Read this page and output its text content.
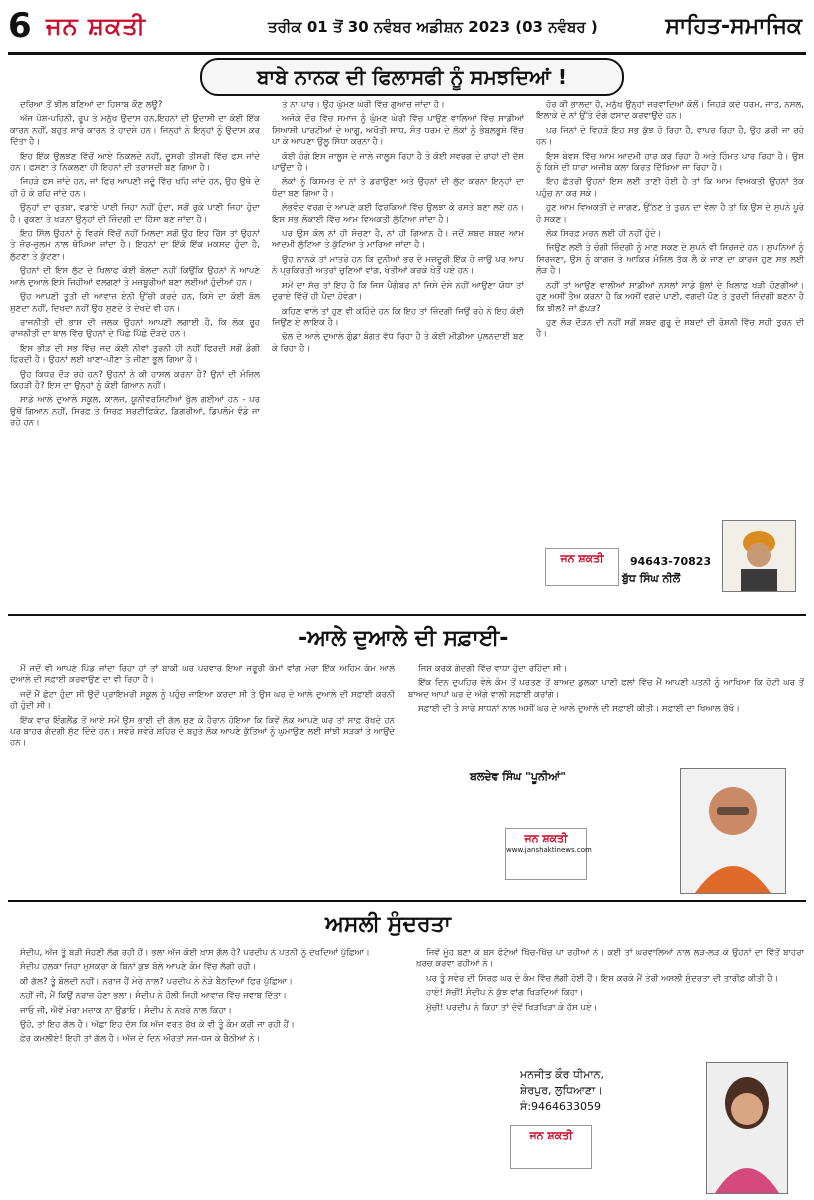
6 ਜਨ ਸ਼ਕਤੀ	ਤਰੀਕ 01 ਤੋਂ 30 ਨਵੰਬਰ ਅਡੀਸ਼ਨ 2023 (03 ਨਵੰਬਰ )	ਸਾਹਿਤ-ਸਮਾਜਿਕ
ਬਾਬੇ ਨਾਨਕ ਦੀ ਫਿਲਾਸਫੀ ਨੂੰ ਸਮਝਦਿਆਂ !

ਦਰਿਆ ਤੋਂ ਝੀਲ ਬਣਿਆਂ ਦਾ ਹਿਸਾਬ ਕੌਣ ਲਊ?

ਅੱਜ ਪੋਸ਼-ਪਹਿਨੀ, ਰੂਪ ਤੇ ਮਨੁੱਖ ਉਦਾਸ ਹਨ,ਇਹਨਾਂ ਦੀ ਉਦਾਸੀ ਦਾ ਕੋਈ ਇੱਕ ਕਾਰਨ ਨਹੀਂ, ਬਹੁਤ ਸਾਰੇ ਕਾਰਨ ਤੇ ਹਾਦਸੇ ਹਨ। ਜਿਨ੍ਹਾਂ ਨੇ ਇਨ੍ਹਾਂ ਨੂੰ ਉਦਾਸ ਕਰ ਦਿੱਤਾ ਹੈ।

ਇਹ ਇੱਕ ਉਲਝਣ ਵਿੱਚੋਂ ਆਏ ਨਿਕਲਦੇ ਨਹੀਂ, ਦੂਸਰੀ ਤੀਸਰੀ ਵਿੱਚ ਫਸ ਜਾਂਦੇ ਹਨ। ਫਸਣਾ ਤੇ ਨਿਕਲਣਾ ਹੀ ਇਹਨਾਂ ਦੀ ਤਰਾਸਦੀ ਬਣ ਗਿਆ ਹੈ।

ਜਿਹੜੇ ਫਸ ਜਾਂਦੇ ਹਨ, ਜਾਂ ਫਿਰ ਆਪਣੀ ਜਦੂੰ ਵਿੱਚ ਖਹਿ ਜਾਂਦੇ ਹਨ, ਉਹ ਉਥੇ ਦੇ ਹੀ ਹੋ ਕੇ ਰਹਿ ਜਾਂਦੇ ਹਨ।

ਉਨ੍ਹਾਂ ਦਾ ਰੁਤਬਾ, ਵਡਾਏ ਪਾਈ ਜਿਹਾ ਨਹੀਂ ਹੁੰਦਾ, ਸਗੋਂ ਰੁਕੇ ਪਾਣੀ ਜਿਹਾ ਹੁੰਦਾ ਹੈ। ਰੁਕਣਾ ਤੇ ਖੜਨਾ ਉਨ੍ਹਾਂ ਦੀ ਜ਼ਿੰਦਗੀ ਦਾ ਹਿੱਸਾ ਬਣ ਜਾਂਦਾ ਹੈ।

ਇਹ ਸਿੱਲ ਉਹਨਾਂ ਨੂੰ ਵਿਰਸੇ ਵਿੱਚੋਂ ਨਹੀਂ ਮਿਲਦਾ ਸਗੋਂ ਉਹ ਇਹ ਰਿੱਸ ਤਾਂ ਉਹਨਾਂ ਤੇ ਜ਼ੋਰ-ਜ਼ੁਲਮ ਨਾਲ ਥੋਪਿਆ ਜਾਂਦਾ ਹੈ। ਇਹਨਾਂ ਦਾ ਇੱਕੋ ਇੱਕ ਮਕਸਦ ਹੁੰਦਾ ਹੈ, ਲੁੱਟਣਾ ਤੇ ਕੁੱਟਣਾ।

ਉਹਨਾਂ ਦੀ ਇਸ ਲੁੱਟ ਦੇ ਖਿਲਾਫ ਕੋਈ ਬੋਲਦਾ ਨਹੀਂ ਕਿਉਂਕਿ ਉਹਨਾਂ ਨੇ ਆਪਣੇ ਆਲੇ ਦੁਆਲੇ ਇਸੇ ਜਿਹੀਆਂ ਵਲਗਣਾਂ ਤੇ ਮਜ਼ਬੂਰੀਆਂ ਬਣਾ ਲਈਆਂ ਹੁੰਦੀਆਂ ਹਨ।

ਉਹ ਆਪਣੀ ਤੂਤੀ ਦੀ ਆਵਾਜ਼ ਏਨੀ ਉੱਚੀ ਕਰਦੇ ਹਨ, ਕਿਸੇ ਦਾ ਕੋਈ ਬੋਲ ਸੁਣਦਾ ਨਹੀਂ, ਦਿਖਦਾ ਨਹੀਂ ਉਹ ਸੁਣਦੇ ਤੇ ਦੇਖਦੇ ਵੀ ਹਨ।

ਰਾਜਨੀਤੀ ਦੀ ਭਾਸ਼ ਦੀ ਜਲਕ ਉਹਨਾਂ ਆਪਣੀ ਲਗਾਈ ਹੈ, ਕਿ ਲੋਕ ਰੂਹ ਰਾਜਨੀਤੀ ਦਾ ਬਾਲ ਵਿੱਚ ਉਹਨਾਂ ਦੇ ਪਿੱਛੇ ਪਿੱਛੇ ਦੌੜਦੇ ਹਨ।

ਇਸ ਭੀੜ ਦੀ ਸਭ ਵਿੱਚ ਜਦ ਕੋਈ ਨੀਵਾਂ ਤੁਰਨੀ ਹੀ ਨਹੀਂ ਫਿਰਦੀ ਸਗੋਂ ਡੰਗੀ ਫਿਰਦੀ ਹੈ। ਉਹਨਾਂ ਲਈ ਖਾਣਾ-ਪੀਣਾ ਤੇ ਜੀਣਾ ਭੂਲ ਗਿਆ ਹੈ।

ਉਹ ਕਿਧਰ ਦੌੜ ਰਹੇ ਹਨ? ਉਹਨਾਂ ਨੇ ਕੀ ਹਾਸਲ ਕਰਨਾ ਹੈ? ਉਨਾਂ ਦੀ ਮੰਜ਼ਿਲ ਕਿਹੜੀ ਹੈ? ਇਸ ਦਾ ਉਨ੍ਹਾਂ ਨੂੰ ਕੋਈ ਗਿਆਨ ਨਹੀਂ।

ਸਾਡੇ ਆਲੇ ਦੁਆਲੇ ਸਕੂਲ, ਕਾਲਜ, ਯੂਨੀਵਰਸਿਟੀਆਂ ਖੁੱਲ ਗਈਆਂ ਹਨ - ਪਰ ਉਥੋਂ ਗਿਆਨ ਨਹੀਂ, ਸਿਰਫ਼ ਤੇ ਸਿਰਫ਼ ਸਰਟੀਫਿਕੇਟ, ਡਿਗਰੀਆਂ, ਡਿਪਲੋਮੇ ਵੰਡੇ ਜਾ ਰਹੇ ਹਨ।

ਤੇ ਨਾ ਪਾਰ। ਉਹ ਘੁੰਮਣ ਘੇਰੀ ਵਿੱਚ ਗੁਆਚ ਜਾਂਦਾ ਹੈ।

ਅਜੋਕੇ ਦੌਰ ਵਿੱਚ ਸਮਾਜ ਨੂੰ ਘੁੰਮਣ ਘੇਰੀ ਵਿੱਚ ਪਾਉਣ ਵਾਲਿਆਂ ਵਿੱਚ ਸਾਡੀਆਂ ਸਿਆਸੀ ਪਾਰਟੀਆਂ ਦੇ ਆਗੂ, ਅਖੌਤੀ ਸਾਧ, ਸੰਤ ਧਰਮ ਦੇ ਲੋਕਾਂ ਨੂੰ ਭੰਬਲਭੂਸੇ ਵਿੱਚ ਪਾ ਕੇ ਆਪਣਾ ਉਲੂ ਸਿੱਧਾ ਕਰਨਾ ਹੈ।

ਕੋਈ ਹੰਗੇ ਇਸ ਜਾਲੂਸ ਦੇ ਜਾਲੇ ਜਾਲੂਸ ਰਿਹਾ ਹੈ ਤੇ ਕੋਈ ਸਵਰਗ ਦੇ ਰਾਹਾਂ ਦੀ ਦੱਸ ਪਾਉਂਦਾ ਹੈ।

ਲੋਕਾਂ ਨੂੰ ਕਿਸਮਤ ਦੇ ਨਾਂ ਤੇ ਡਰਾਉਣਾ ਅਤੇ ਉਹਨਾਂ ਦੀ ਲੁੱਟ ਕਰਨਾ ਇਨ੍ਹਾਂ ਦਾ ਧੰਦਾ ਬਣ ਗਿਆ ਹੈ।

ਲੋਭਵੰਦ ਵਰਗ ਦੇ ਆਪਣੇ ਕਈ ਫਿਰਕਿਆਂ ਵਿੱਚ ਉਲਝਾ ਕੇ ਰਸਤੇ ਬਣਾ ਲਏ ਹਨ। ਇਸ ਸਭ ਲੋਕਾਈ ਵਿੱਚ ਆਮ ਵਿਅਕਤੀ ਲੁੱਟਿਆ ਜਾਂਦਾ ਹੈ।

ਪਰ ਉਸ ਕੋਲ ਨਾਂ ਹੀ ਸੋਚਣਾ ਹੈ, ਨਾਂ ਹੀ ਗਿਆਨ ਹੈ। ਜਦੋਂ ਸ਼ਬਦ ਸ਼ਬਦ ਆਮ ਆਦਮੀ ਲੁੱਟਿਆ ਤੇ ਕੁੱਟਿਆ ਤੇ ਮਾਰਿਆ ਜਾਂਦਾ ਹੈ।

ਉਹ ਨਾਨਕੇ ਤਾਂ ਮਾਤਰੇ ਹਨ ਕਿ ਦੁਨੀਆਂ ਭਰ ਦੇ ਮਜ਼ਦੂਰੀ ਇੱਕ ਹੋ ਜਾਉ ਪਰ ਆਪ ਨੇ ਪ੍ਰਕਿਰਤੀ ਅਤਰਾਂ ਚੁਣਿਆਂ ਵਾਂਗ, ਖੇਤੀਆਂ ਕਰਕੇ ਖ਼ੇਤੋਂ ਪਏ ਹਨ।

ਸਮੇਂ ਦਾ ਸੱਚ ਤਾਂ ਇਹ ਹੈ ਕਿ ਜਿਸ ਪੈਗੰਬਰ ਨਾਂ ਜਿਸੇ ਦੋਸੇ ਨਹੀਂ ਆਉਣਾ ਯੋਧਾ ਤਾਂ ਦੁਰਾਏ ਵਿੱਚੋਂ ਹੀ ਪੈਦਾ ਹੋਵੇਗਾ।

ਕਹਿਣ ਵਾਲੇ ਤਾਂ ਹੁਣ ਵੀ ਕਹਿੰਦੇ ਹਨ ਕਿ ਇਹ ਤਾਂ ਜ਼ਿੰਦਗੀ ਜਿਉਂ ਰਹੇ ਨੇ ਇਹ ਕੋਈ ਜਿਉਂਣ ਏ ਲਾਇਕ ਹੈ।

ਢੋਲ ਦੇ ਆਲੇ ਦੁਆਲੇ ਗੁੰਡਾ ਬੰਗਤ ਵੱਧ ਰਿਹਾ ਹੈ ਤੇ ਕੋਈ ਮੀਡੀਆ ਪੁਲਨਦਾਈ ਬਣ ਕੇ ਰਿਹਾ ਹੈ।

ਹੋਰ ਕੀ ਭਾਲਦਾ ਹੈ, ਮਨੁੱਖ ਉਨ੍ਹਾਂ ਜਰਵਾਦਿਆਂ ਕੋਲੋਂ। ਜਿਹੜੇ ਕਦੇ ਧਰਮ, ਜਾਤ, ਨਸਲ, ਇਲਾਕੇ ਦੇ ਨਾਂ ਉੱਤੇ ਦੰਗੇ ਫਸਾਦ ਕਰਵਾਉਂਦੇ ਹਨ।

ਪਰ ਜਿਨਾਂ ਦੇ ਵਿਹੜੇ ਇਹ ਸਭ ਕੁੱਝ ਹੋ ਰਿਹਾ ਹੈ, ਵਾਪਰ ਰਿਹਾ ਹੈ, ਉਹ ਡਰੀ ਜਾ ਰਹੇ ਹਨ।

ਇਸ ਬੇਵਸ ਵਿੱਚ ਆਮ ਆਦਮੀ ਹਾਰ ਕਰ ਰਿਹਾ ਹੈ ਅਤੇ ਹਿੰਮਤ ਪਾਰ ਰਿਹਾ ਹੈ। ਉਸ ਨੂੰ ਕਿਸੇ ਦੀ ਧਾਰਾ ਅਜੀਬ ਕਲਾ ਕਿਰਤ ਦਿੱਖਿਆ ਜਾ ਰਿਹਾ ਹੈ।

ਇਹ ਛੱਤਰੀ ਉਹਨਾਂ ਇਸ ਲਈ ਤਾਣੀ ਹੋਈ ਹੈ ਤਾਂ ਕਿ ਆਮ ਵਿਅਕਤੀ ਉਹਨਾਂ ਤੱਕ ਪਹੁੰਚ ਨਾ ਕਰ ਸਕੇ।

ਹੁਣ ਆਮ ਵਿਅਕਤੀ ਦੇ ਜਾਗਣ, ਉੱਠਣ ਤੇ ਤੁਰਨ ਦਾ ਵੇਲਾ ਹੈ ਤਾਂ ਕਿ ਉਸ ਦੇ ਸੁਪਨੇ ਪੂਰੇ ਹੋ ਸਕਣ।

ਲੋਕ ਸਿਰਫ਼ ਮਰਨ ਲਈ ਹੀ ਨਹੀਂ ਹੁੰਦੇ।

ਜਿਉਣ ਲਈ ਤੇ ਚੰਗੀ ਜ਼ਿੰਦਗੀ ਨੂੰ ਮਾਣ ਸਕਣ ਦੇ ਸੁਪਨੇ ਵੀ ਸਿਰਜਦੇ ਹਨ। ਸੁਪਨਿਆਂ ਨੂੰ ਸਿਰਜਣਾ, ਉਸ ਨੂੰ ਕਾਗਜ਼ ਤੇ ਆਕਿਰ ਮੰਜ਼ਿਲ ਤੱਕ ਲੈ ਕੇ ਜਾਣ ਦਾ ਕਾਰਜ ਹੁਣ ਸਭ ਲਈ ਲੋੜ ਹੈ।

ਨਹੀਂ ਤਾਂ ਆਉਣ ਵਾਲੀਆਂ ਸਾਡੀਆਂ ਨਸਲਾਂ ਸਾਡੇ ਬੁੱਲਾਂ ਦੇ ਖਿਲਾਫ਼ ਖੜੀ ਹੋਣਗੀਆਂ। ਹੁਣ ਅਸੀਂ ਤੈਅ ਕਰਨਾ ਹੈ ਕਿ ਅਸੀਂ ਵਗਦੇ ਪਾਣੀ, ਵਗਦੀ ਪੌਣ ਤੇ ਤੁਰਦੀ ਜ਼ਿੰਦਗੀ ਬਣਨਾ ਹੈ ਕਿ ਝੀਲ? ਜਾਂ ਛੱਪੜ?

ਹੁਣ ਲੋੜ ਦੌੜਨ ਦੀ ਨਹੀਂ ਸਗੋਂ ਸ਼ਬਦ ਗੁਰੂ ਦੇ ਸ਼ਬਦਾਂ ਦੀ ਰੋਸ਼ਨੀ ਵਿੱਚ ਸਹੀ ਤੁਰਨ ਦੀ ਹੈ।

ਜਨ ਸ਼ਕਤੀ	94643-70823
ਬੁੱਧ ਸਿੰਘ ਨੀਲੋਂ
-ਆਲੇ ਦੁਆਲੇ ਦੀ ਸਫ਼ਾਈ-

ਮੈਂ ਜਦੋਂ ਵੀ ਆਪਣੇ ਪਿੰਡ ਜਾਂਦਾ ਰਿਹਾ ਹਾਂ ਤਾਂ ਬਾਕੀ ਘਰ ਪਰਵਾਰ ਇਆ ਜਰੂਰੀ ਕੰਮਾਂ ਵਾਂਗ ਮੇਰਾ ਇੱਕ ਅਹਿਮ ਕੰਮ ਆਲੇ ਦੁਆਲੇ ਦੀ ਸਫ਼ਾਈ ਕਰਵਾਉਣ ਦਾ ਵੀ ਰਿਹਾ ਹੈ।

ਜਦੋਂ ਮੈਂ ਛੋਟਾ ਹੁੰਦਾ ਸੀ ਉਦੋਂ ਪ੍ਰਾਇਮਰੀ ਸਕੂਲ ਨੂੰ ਪਹੁੰਚ ਜਾਇਆ ਕਰਦਾ ਸੀ ਤੇ ਉਸ ਘਰ ਦੇ ਆਲੇ ਦੁਆਲੇ ਦੀ ਸਫ਼ਾਈ ਕਰਨੀ ਹੀ ਹੁੰਦੀ ਸੀ।

ਇੱਕ ਵਾਰ ਇੰਗਲੈਂਡ ਤੋਂ ਆਏ ਸਮੇਂ ਉਸ ਭਾਈ ਦੀ ਗੱਲ ਸੁਣ ਕੇ ਹੈਰਾਨ ਹੋਇਆ ਕਿ ਕਿਵੇਂ ਲੋਕ ਆਪਣੇ ਘਰ ਤਾਂ ਸਾਫ਼ ਰੱਖਦੇ ਹਨ ਪਰ ਬਾਹਰ ਗੰਦਗੀ ਸੁੱਟ ਦਿੰਦੇ ਹਨ। ਸਵੇਰੇ ਸਵੇਰੇ ਸ਼ਹਿਰ ਦੇ ਬਹੁਤੇ ਲੋਕ ਆਪਣੇ ਕੁੱਤਿਆਂ ਨੂੰ ਘੁਮਾਉਣ ਲਈ ਸਾਂਝੀ ਸੜਕਾਂ ਤੇ ਆਉਂਦੇ ਹਨ।

ਜਿਸ ਕਰਕੇ ਗੰਦਗੀ ਵਿੱਚ ਵਾਧਾ ਹੁੰਦਾ ਰਹਿੰਦਾ ਸੀ।

ਇੱਕ ਦਿਨ ਦੁਪਹਿਰ ਵੇਲੇ ਕੰਮ ਤੋਂ ਪਰਤਣ ਤੋਂ ਬਾਅਦ ਡੁਲਕਾ ਪਾਣੀ ਫਲਾਂ ਵਿੱਚ ਮੈਂ ਆਪਣੀ ਪਤਨੀ ਨੂੰ ਆਖਿਆ ਕਿ ਹੋਟੀ ਘਰ ਤੋਂ ਬਾਅਦ ਆਪਾਂ ਘਰ ਦੇ ਅੱਗੇ ਵਾਲੀ ਸਫ਼ਾਈ ਕਰਾਂਗੇ।

ਸਫ਼ਾਈ ਦੀ ਤੇ ਸਾਰੇ ਸਾਧਨਾਂ ਨਾਲ ਅਸੀਂ ਘਰ ਦੇ ਆਲੇ ਦੁਆਲੇ ਦੀ ਸਫ਼ਾਈ ਕੀਤੀ। ਸਫ਼ਾਈ ਦਾ ਖਿਆਲ ਰੱਖੋ।

ਬਲਦੇਵ ਸਿੰਘ "ਪੂਨੀਆਂ"
ਜਨ ਸ਼ਕਤੀ
www.janshaktinews.com
ਅਸਲੀ ਸੁੰਦਰਤਾ

ਸੰਦੀਪ, ਅੱਜ ਤੂੰ ਬੜੀ ਸੋਹਣੀ ਲੱਗ ਰਹੀ ਹੈਂ। ਭਲਾ ਅੱਜ ਕੋਈ ਖ਼ਾਸ ਗੱਲ ਹੈ? ਪਰਦੀਪ ਨੇ ਪਤਨੀ ਨੂੰ ਦੇਖਦਿਆਂ ਪੁੱਛਿਆ।

ਸੰਦੀਪ ਹਲਕਾ ਜਿਹਾ ਮੁਸਕਰਾ ਕੇ ਬਿਨਾਂ ਕੁਝ ਬੋਲੇ ਆਪਣੇ ਕੰਮ ਵਿੱਚ ਲੱਗੀ ਰਹੀ।

ਕੀ ਗੱਲ? ਤੂੰ ਬੋਲਦੀ ਨਹੀਂ। ਨਰਾਜ਼ ਹੈਂ ਮੇਰੇ ਨਾਲ? ਪਰਦੀਪ ਨੇ ਨੇੜੇ ਬੈਠਦਿਆਂ ਫਿਰ ਪੁੱਛਿਆ।

ਨਹੀਂ ਜੀ, ਮੈਂ ਕਿਉਂ ਨਰਾਜ਼ ਹੋਣਾ ਭਲਾ। ਸੰਦੀਪ ਨੇ ਹੌਲੀ ਜਿਹੀ ਆਵਾਜ਼ ਵਿੱਚ ਜਵਾਬ ਦਿੱਤਾ।

ਜਾਓ ਜੀ, ਐਵੇਂ ਮੇਰਾ ਮਜ਼ਾਕ ਨਾ ਉਡਾਓ। ਸੰਦੀਪ ਨੇ ਨਖ਼ਰੇ ਨਾਲ ਕਿਹਾ।

ਉਹੋ, ਤਾਂ ਇਹ ਗੱਲ ਹੈ। ਅੱਛਾ ਇਹ ਦੱਸ ਕਿ ਅੱਜ ਵਰਤ ਰੱਖ ਕੇ ਵੀ ਤੂੰ ਕੰਮ ਕਰੀ ਜਾ ਰਹੀ ਹੈਂ।

ਫ਼ੇਰ ਕਮਲੀਏ! ਇਹੀ ਤਾਂ ਗੱਲ ਹੈ। ਅੱਜ ਦੇ ਦਿਨ ਔਰਤਾਂ ਸਜ-ਧਜ ਕੇ ਬੈਠੀਆਂ ਨੇ।

ਜਿਵੇਂ ਮੂੰਹ ਬਣਾ ਕੇ ਬਸ ਫੋਟੋਆਂ ਖਿੱਚ-ਖਿੱਚ ਪਾ ਰਹੀਆਂ ਨੇ। ਕਈ ਤਾਂ ਘਰਵਾਲਿਆਂ ਨਾਲ ਲੜ-ਲੜ ਕੇ ਉਹਨਾਂ ਦਾ ਵਿੱਤੋਂ ਬਾਹਰਾ ਖ਼ਰਚ ਕਰਵਾ ਰਹੀਆਂ ਨੇ।

ਪਰ ਤੂੰ ਸਵੇਰ ਦੀ ਸਿਰਫ਼ ਘਰ ਦੇ ਕੰਮ ਵਿੱਚ ਲੱਗੀ ਹੋਈ ਹੈਂ। ਇਸ ਕਰਕੇ ਮੈਂ ਤੇਰੀ ਅਸਲੀ ਸੁੰਦਰਤਾ ਦੀ ਤਾਰੀਫ਼ ਕੀਤੀ ਹੈ।

ਹਾਏ! ਸੱਚੀਂ! ਸੰਦੀਪ ਨੇ ਕੁੱਝ ਵਾਂਗ ਖਿੜਦਿਆਂ ਕਿਹਾ।

ਮੁੱਚੀ! ਪਰਦੀਪ ਨੇ ਕਿਹਾ ਤਾਂ ਦੋਵੇਂ ਖਿੜਖਿੜਾ ਕੇ ਹੱਸ ਪਏ।

ਮਨਜੀਤ ਕੌਰ ਧੀਮਾਨ,
ਸ਼ੇਰਪੁਰ, ਲੁਧਿਆਣਾ।
ਸੰ:9464633059
ਜਨ ਸ਼ਕਤੀ
